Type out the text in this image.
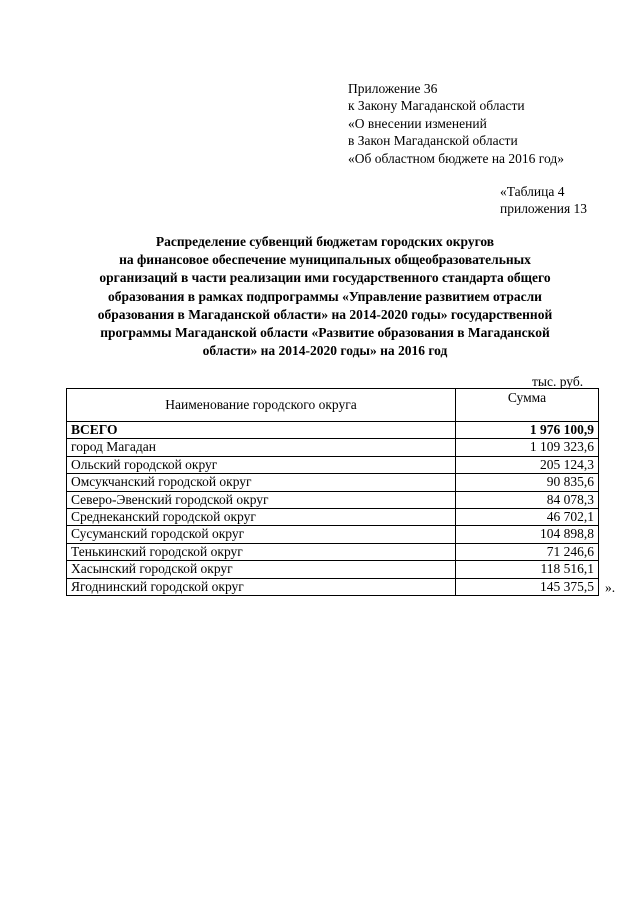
Приложение 36
к Закону Магаданской области
«О внесении изменений
в Закон Магаданской области
«Об областном бюджете на 2016 год»
«Таблица 4
приложения 13
Распределение субвенций бюджетам городских округов
на финансовое обеспечение муниципальных общеобразовательных
организаций в части реализации ими государственного стандарта общего
образования в рамках подпрограммы «Управление развитием отрасли
образования в Магаданской области» на 2014-2020 годы» государственной
программы Магаданской области «Развитие образования в Магаданской
области» на 2014-2020 годы» на 2016 год
тыс. руб.
Наименование городского округа	Сумма
ВСЕГО	1 976 100,9
город Магадан	1 109 323,6
Ольский городской округ	205 124,3
Омсукчанский городской округ	90 835,6
Северо-Эвенский городской округ	84 078,3
Среднеканский городской округ	46 702,1
Сусуманский городской округ	104 898,8
Тенькинский городской округ	71 246,6
Хасынский городской округ	118 516,1
Ягоднинский городской округ	145 375,5 ».
